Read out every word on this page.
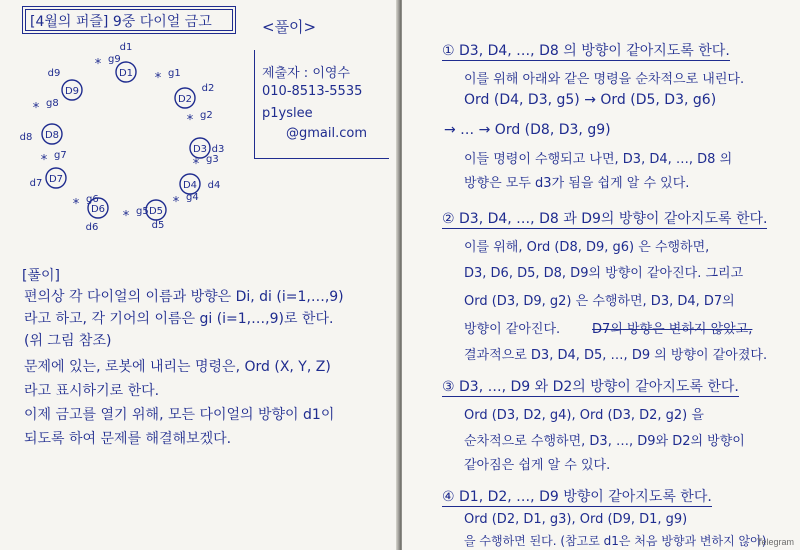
[4월의 퍼즐] 9중 다이얼 금고	<풀이>
제출자 : 이영수
010-8513-5535
p1yslee
@gmail.com
D1
D2
D3
D4
D5
D6
D7
D8
D9
* g1
* g2
* g3
* g4
* g5
* g6
* g7
* g8
* g9
d1
d2
d3
d4
d5
d6
d7
d8
d9
[풀이]
편의상 각 다이얼의 이름과 방향은 Di, di (i=1,…,9)
라고 하고, 각 기어의 이름은 gi (i=1,…,9)로 한다.
(위 그림 참조)
문제에 있는, 로봇에 내리는 명령은, Ord (X, Y, Z)
라고 표시하기로 한다.
이제 금고를 열기 위해, 모든 다이얼의 방향이 d1이
되도록 하여 문제를 해결해보겠다.
① D3, D4, …, D8 의 방향이 같아지도록 한다.
이를 위해 아래와 같은 명령을 순차적으로 내린다.
Ord (D4, D3, g5) → Ord (D5, D3, g6)
→ … → Ord (D8, D3, g9)
이들 명령이 수행되고 나면, D3, D4, …, D8 의
방향은 모두 d3가 됨을 쉽게 알 수 있다.
② D3, D4, …, D8 과 D9의 방향이 같아지도록 한다.
이를 위해, Ord (D8, D9, g6) 은 수행하면,
D3, D6, D5, D8, D9의 방향이 같아진다. 그리고
Ord (D3, D9, g2) 은 수행하면, D3, D4, D7의
방향이 같아진다. D7의 방향은 변하지 않았고,
결과적으로 D3, D4, D5, …, D9 의 방향이 같아졌다.
③ D3, …, D9 와 D2의 방향이 같아지도록 한다.
Ord (D3, D2, g4), Ord (D3, D2, g2) 을
순차적으로 수행하면, D3, …, D9와 D2의 방향이
같아짐은 쉽게 알 수 있다.
④ D1, D2, …, D9 방향이 같아지도록 한다.
Ord (D2, D1, g3), Ord (D9, D1, g9)
을 수행하면 된다. (참고로 d1은 처음 방향과 변하지 않아)
Telegram
